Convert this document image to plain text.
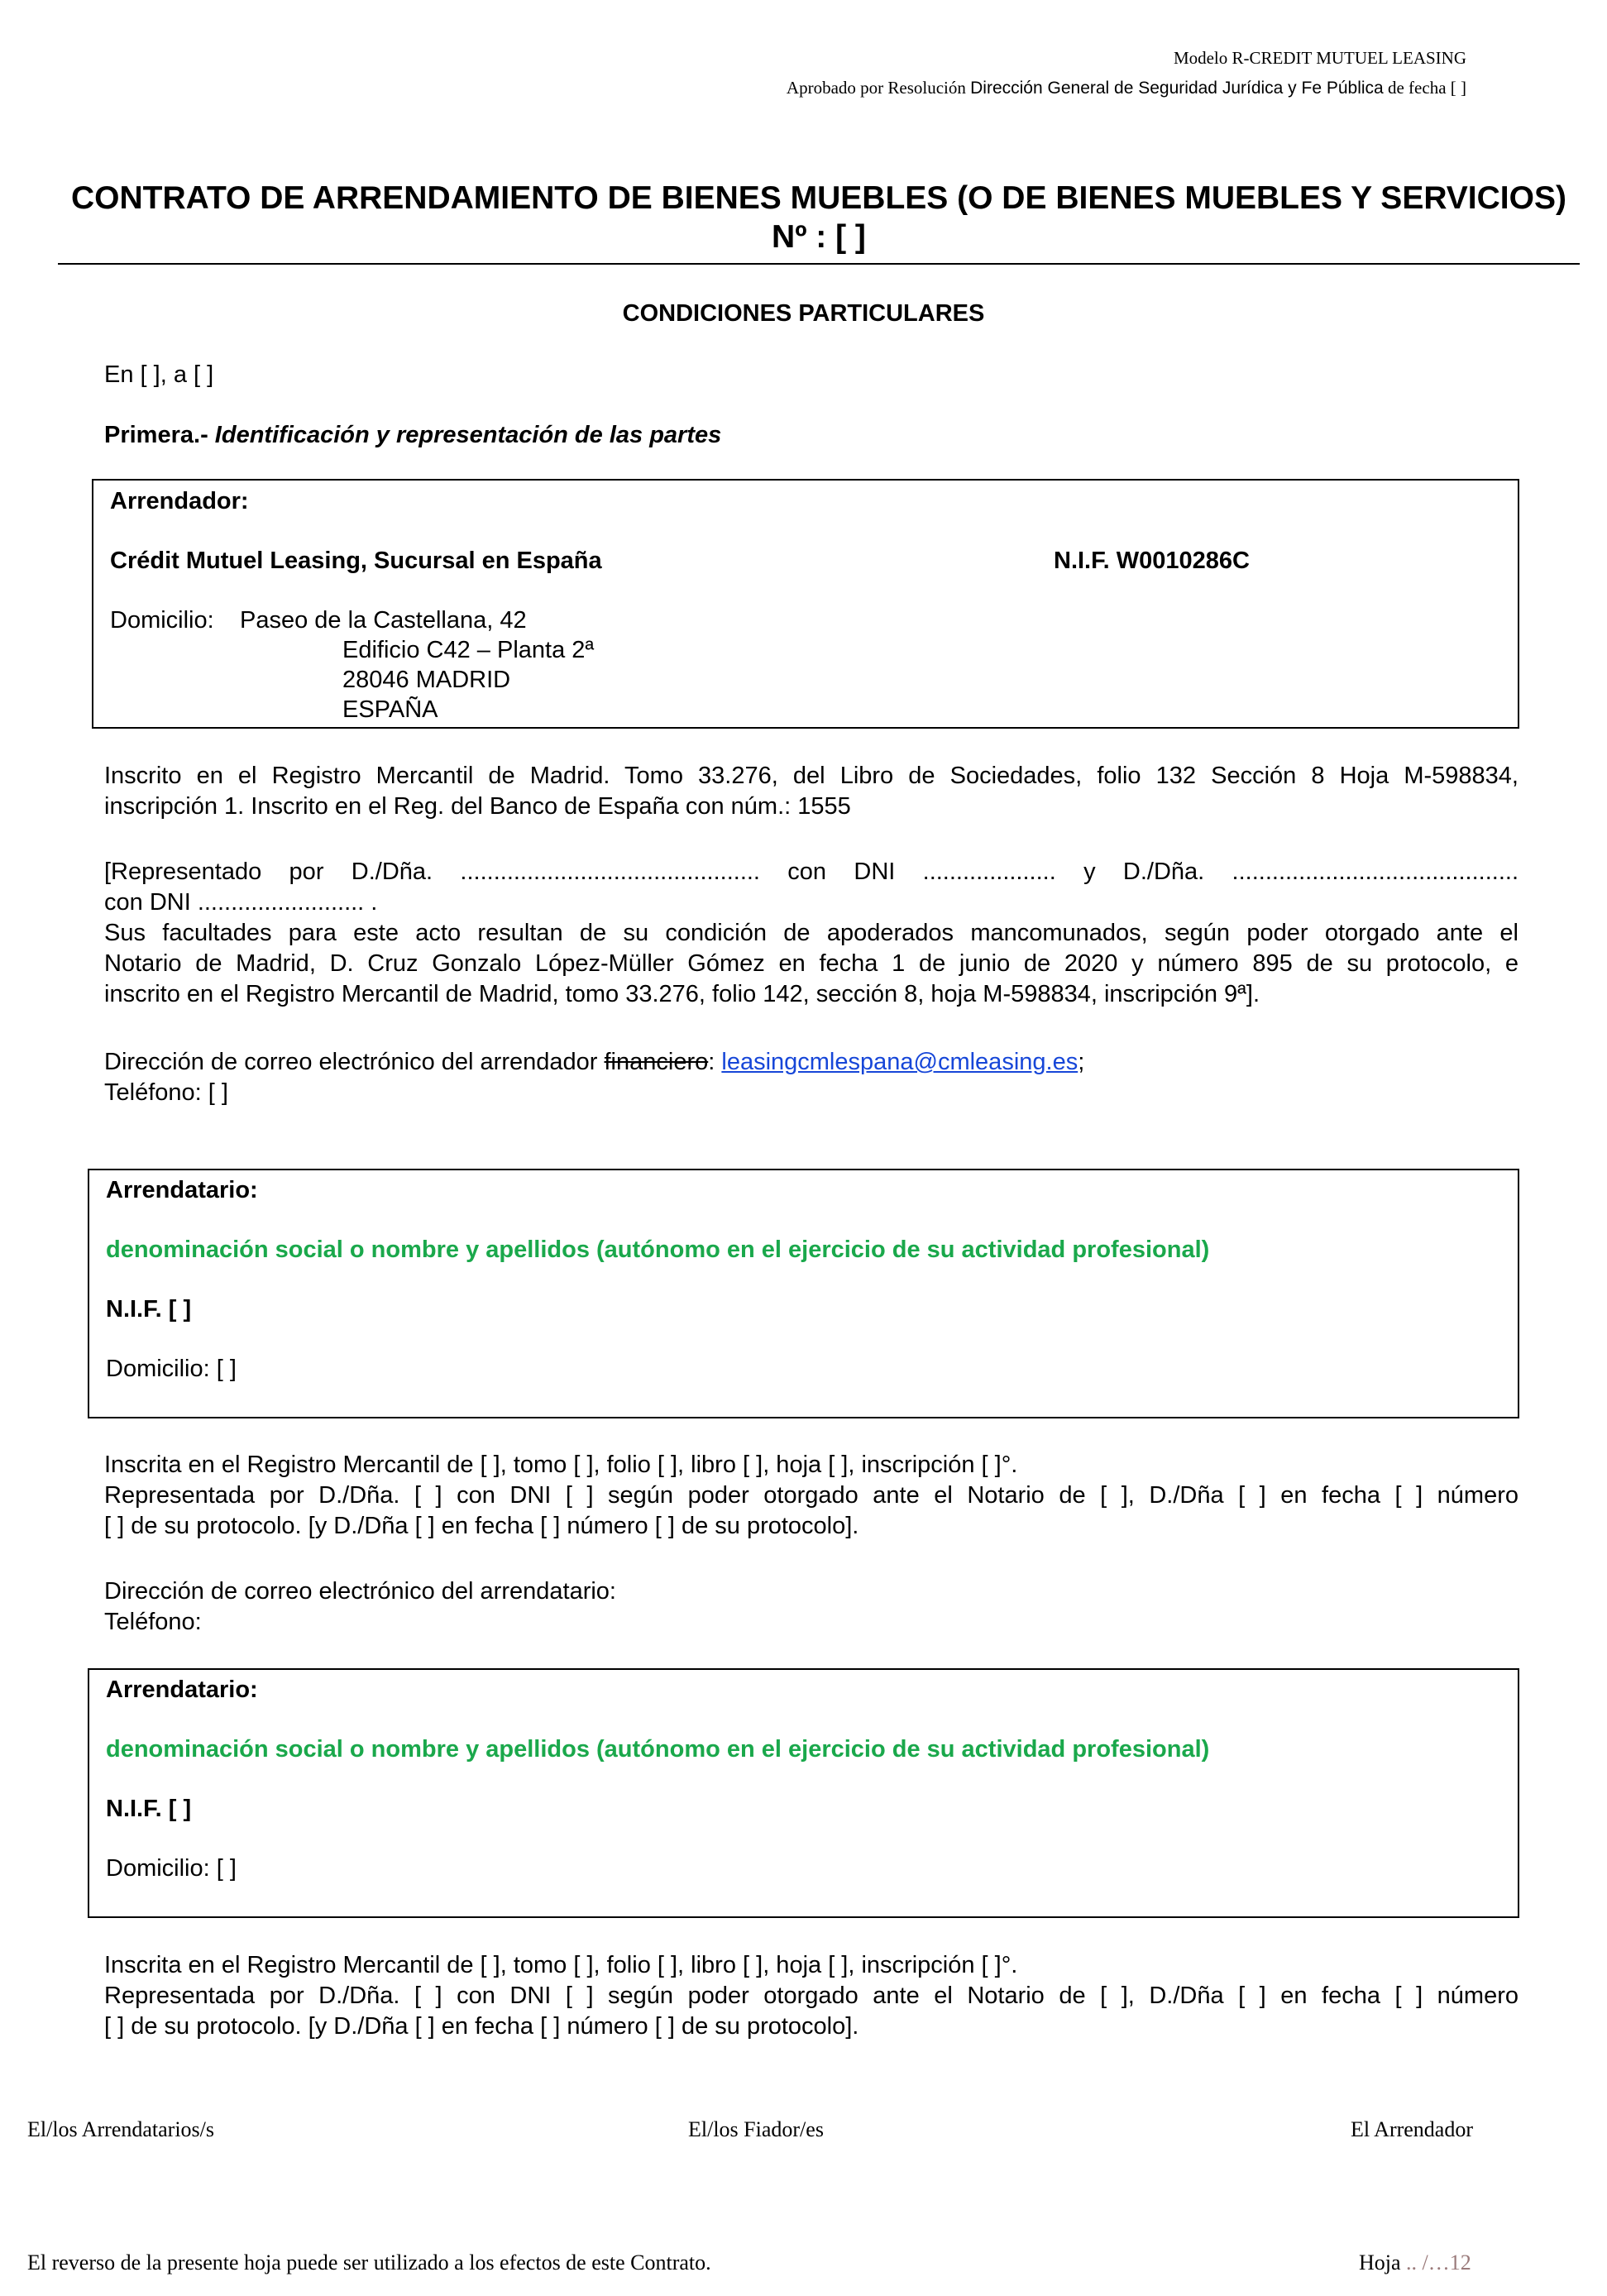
Modelo R-CREDIT MUTUEL LEASING
Aprobado por Resolución Dirección General de Seguridad Jurídica y Fe Pública de fecha [ ]
CONTRATO DE ARRENDAMIENTO DE BIENES MUEBLES (O DE BIENES MUEBLES Y SERVICIOS)
Nº : [ ]
CONDICIONES PARTICULARES
En [ ], a [ ]
Primera.- Identificación y representación de las partes
Arrendador:
Crédit Mutuel Leasing, Sucursal en España	N.I.F. W0010286C
Domicilio: Paseo de la Castellana, 42
Edificio C42 – Planta 2ª
28046 MADRID
ESPAÑA
Inscrito en el Registro Mercantil de Madrid. Tomo 33.276, del Libro de Sociedades, folio 132 Sección 8 Hoja M-598834,
inscripción 1. Inscrito en el Reg. del Banco de España con núm.: 1555
[Representado por D./Dña. ............................................. con DNI .................... y D./Dña. ...........................................
con DNI ......................... .
Sus facultades para este acto resultan de su condición de apoderados mancomunados, según poder otorgado ante el
Notario de Madrid, D. Cruz Gonzalo López-Müller Gómez en fecha 1 de junio de 2020 y número 895 de su protocolo, e
inscrito en el Registro Mercantil de Madrid, tomo 33.276, folio 142, sección 8, hoja M-598834, inscripción 9ª].
Dirección de correo electrónico del arrendador financiero: leasingcmlespana@cmleasing.es;
Teléfono: [ ]
Arrendatario:
denominación social o nombre y apellidos (autónomo en el ejercicio de su actividad profesional)
N.I.F. [ ]
Domicilio: [ ]
Inscrita en el Registro Mercantil de [ ], tomo [ ], folio [ ], libro [ ], hoja [ ], inscripción [ ]°.
Representada por D./Dña. [ ] con DNI [ ] según poder otorgado ante el Notario de [ ], D./Dña [ ] en fecha [ ] número
[ ] de su protocolo. [y D./Dña [ ] en fecha [ ] número [ ] de su protocolo].
Dirección de correo electrónico del arrendatario:
Teléfono:
Arrendatario:
denominación social o nombre y apellidos (autónomo en el ejercicio de su actividad profesional)
N.I.F. [ ]
Domicilio: [ ]
Inscrita en el Registro Mercantil de [ ], tomo [ ], folio [ ], libro [ ], hoja [ ], inscripción [ ]°.
Representada por D./Dña. [ ] con DNI [ ] según poder otorgado ante el Notario de [ ], D./Dña [ ] en fecha [ ] número
[ ] de su protocolo. [y D./Dña [ ] en fecha [ ] número [ ] de su protocolo].
El/los Arrendatarios/s	El/los Fiador/es	El Arrendador
El reverso de la presente hoja puede ser utilizado a los efectos de este Contrato.	Hoja .. /…12
